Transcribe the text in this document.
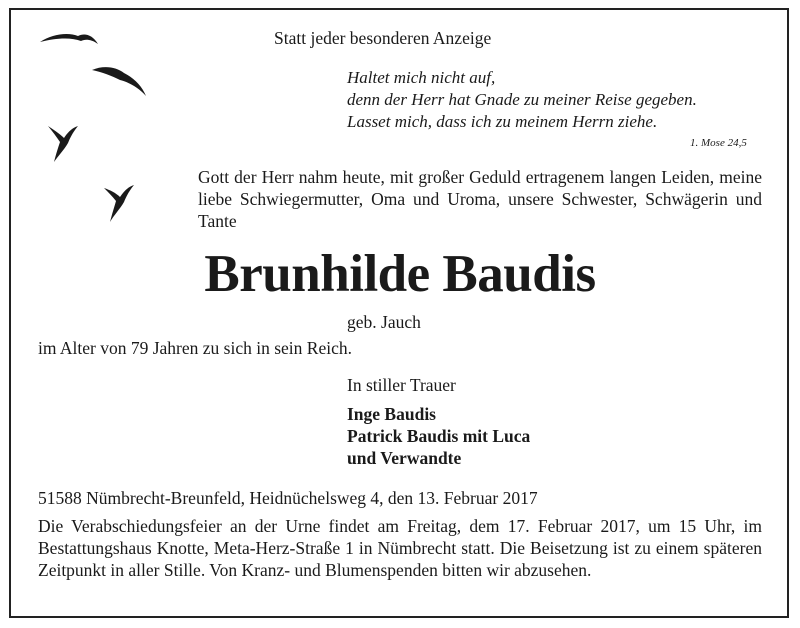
Statt jeder besonderen Anzeige
Haltet mich nicht auf,
denn der Herr hat Gnade zu meiner Reise gegeben.
Lasset mich, dass ich zu meinem Herrn ziehe.
1. Mose 24,5
Gott der Herr nahm heute, mit großer Geduld ertragenem langen Leiden, meine liebe Schwiegermutter, Oma und Uroma, unsere Schwester, Schwägerin und Tante
Brunhilde Baudis
geb. Jauch
im Alter von 79 Jahren zu sich in sein Reich.
In stiller Trauer
Inge Baudis
Patrick Baudis mit Luca
und Verwandte
51588 Nümbrecht-Breunfeld, Heidnüchelsweg 4, den 13. Februar 2017
Die Verabschiedungsfeier an der Urne findet am Freitag, dem 17. Februar 2017, um 15 Uhr, im Bestattungshaus Knotte, Meta-Herz-Straße 1 in Nümbrecht statt. Die Beisetzung ist zu einem späteren Zeitpunkt in aller Stille. Von Kranz- und Blumenspenden bitten wir abzusehen.
